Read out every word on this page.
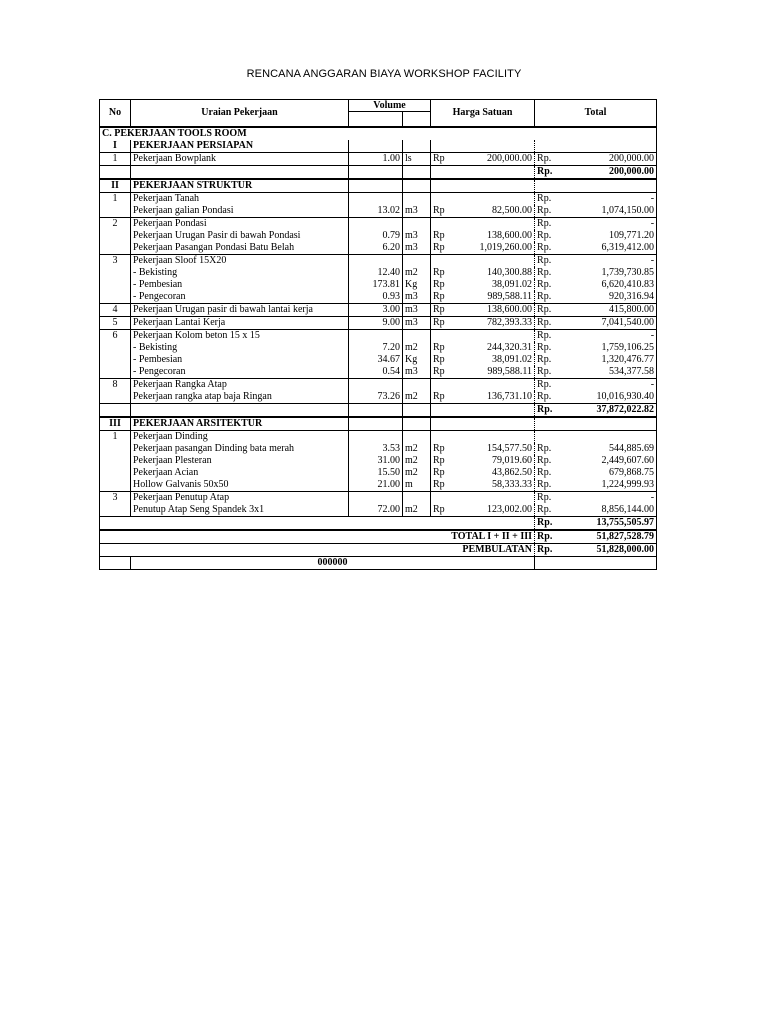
RENCANA ANGGARAN BIAYA WORKSHOP FACILITY
No	Uraian Pekerjaan	Volume		Harga Satuan		Total	

C. PEKERJAAN TOOLS ROOM							
I	PEKERJAAN PERSIAPAN						
1	Pekerjaan Bowplank	1.00	ls	Rp	200,000.00	Rp.	200,000.00
						Rp.	200,000.00
II	PEKERJAAN STRUKTUR						
1	Pekerjaan Tanah					Rp.	-
	Pekerjaan galian Pondasi	13.02	m3	Rp	82,500.00	Rp.	1,074,150.00
2	Pekerjaan Pondasi					Rp.	-
	Pekerjaan Urugan Pasir di bawah Pondasi	0.79	m3	Rp	138,600.00	Rp.	109,771.20
	Pekerjaan Pasangan Pondasi Batu Belah	6.20	m3	Rp	1,019,260.00	Rp.	6,319,412.00
3	Pekerjaan Sloof 15X20					Rp.	-
	- Bekisting	12.40	m2	Rp	140,300.88	Rp.	1,739,730.85
	- Pembesian	173.81	Kg	Rp	38,091.02	Rp.	6,620,410.83
	- Pengecoran	0.93	m3	Rp	989,588.11	Rp.	920,316.94
4	Pekerjaan Urugan pasir di bawah lantai kerja	3.00	m3	Rp	138,600.00	Rp.	415,800.00
5	Pekerjaan Lantai Kerja	9.00	m3	Rp	782,393.33	Rp.	7,041,540.00
6	Pekerjaan Kolom beton 15 x 15					Rp.	-
	- Bekisting	7.20	m2	Rp	244,320.31	Rp.	1,759,106.25
	- Pembesian	34.67	Kg	Rp	38,091.02	Rp.	1,320,476.77
	- Pengecoran	0.54	m3	Rp	989,588.11	Rp.	534,377.58
8	Pekerjaan Rangka Atap					Rp.	-
	Pekerjaan rangka atap baja Ringan	73.26	m2	Rp	136,731.10	Rp.	10,016,930.40
						Rp.	37,872,022.82
III	PEKERJAAN ARSITEKTUR						
1	Pekerjaan Dinding						
	Pekerjaan pasangan Dinding bata merah	3.53	m2	Rp	154,577.50	Rp.	544,885.69
	Pekerjaan Plesteran	31.00	m2	Rp	79,019.60	Rp.	2,449,607.60
	Pekerjaan Acian	15.50	m2	Rp	43,862.50	Rp.	679,868.75
	Hollow Galvanis 50x50	21.00	m	Rp	58,333.33	Rp.	1,224,999.93
3	Pekerjaan Penutup Atap					Rp.	-
	Penutup Atap Seng Spandek 3x1	72.00	m2	Rp	123,002.00	Rp.	8,856,144.00
						Rp.	13,755,505.97
TOTAL I + II + III						Rp.	51,827,528.79
PEMBULATAN						Rp.	51,828,000.00
	000000						
